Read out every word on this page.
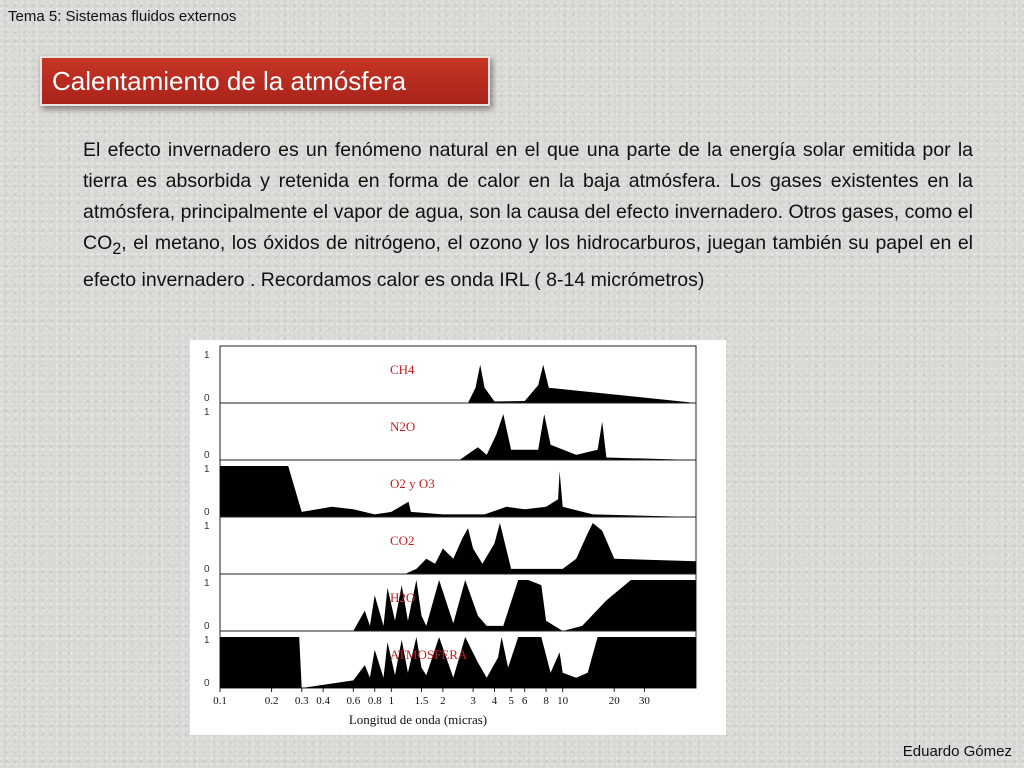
Tema 5: Sistemas fluidos externos
Calentamiento de la atmósfera
El efecto invernadero es un fenómeno natural en el que una parte de la energía solar emitida por la tierra es absorbida y retenida en forma de calor en la baja atmósfera. Los gases existentes en la atmósfera, principalmente el vapor de agua, son la causa del efecto invernadero. Otros gases, como el $CO_2$, el metano, los óxidos de nitrógeno, el ozono y los hidrocarburos, juegan también su papel en el efecto invernadero . Recordamos calor es onda IRL ( 8-14 micrómetros)
CH4
1
0
N2O
1
0
O2 y O3
1
0
CO2
1
0
H2O
1
0
ATMOSFERA
1
0
0.1	0.2 0.3 0.4 0.6 0.8 1 1.5 2 3 4 5 6 8 10	20 30
Longitud de onda (micras)
Eduardo Gómez
